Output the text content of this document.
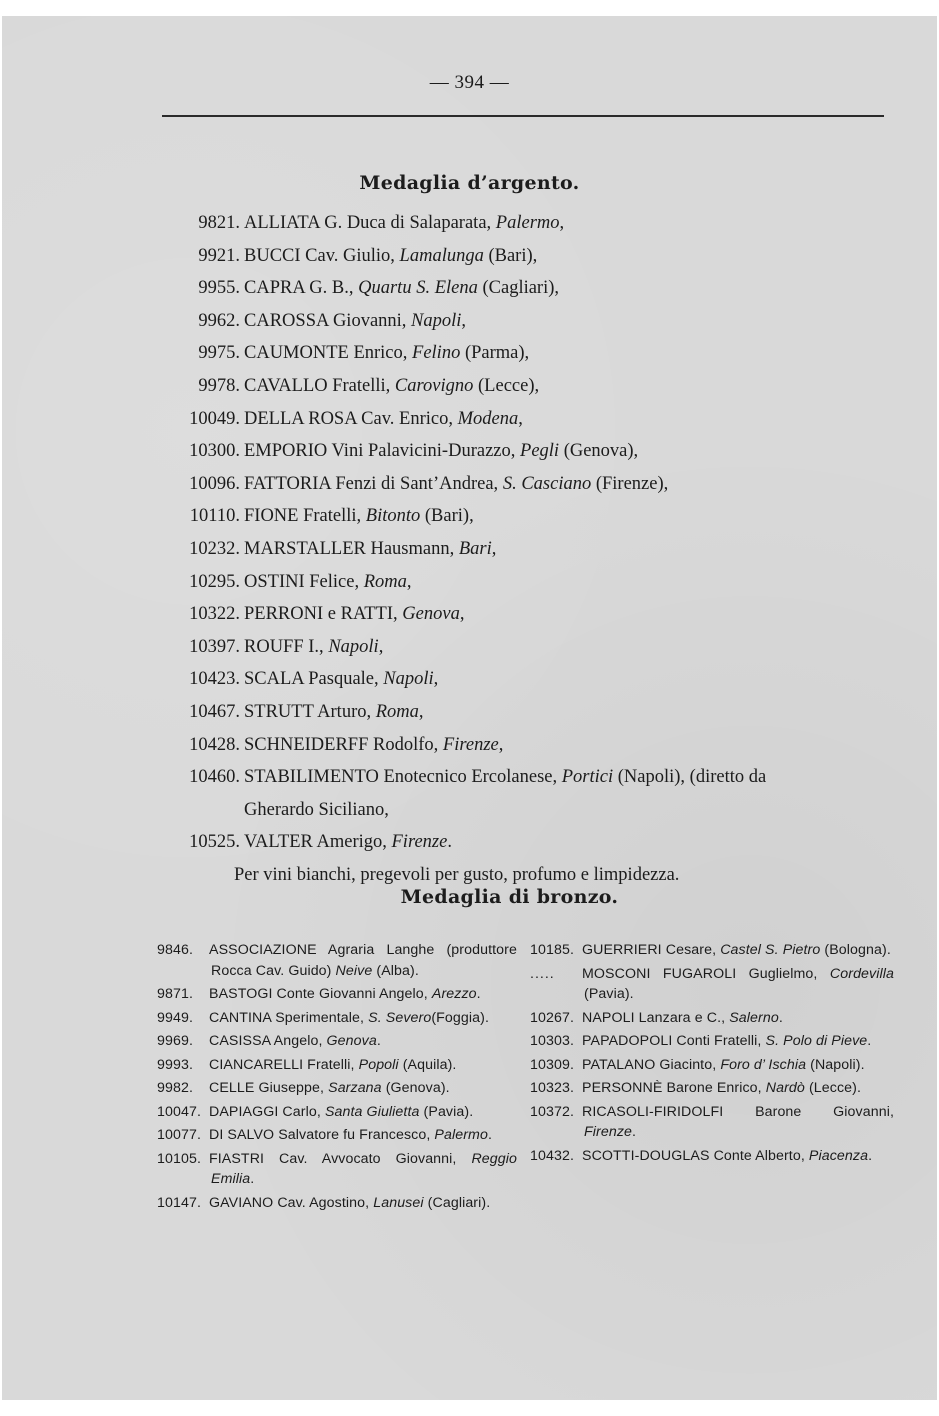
— 394 —
Medaglia d’argento.
9821. ALLIATA G. Duca di Salaparata, Palermo,
9921. BUCCI Cav. Giulio, Lamalunga (Bari),
9955. CAPRA G. B., Quartu S. Elena (Cagliari),
9962. CAROSSA Giovanni, Napoli,
9975. CAUMONTE Enrico, Felino (Parma),
9978. CAVALLO Fratelli, Carovigno (Lecce),
10049. DELLA ROSA Cav. Enrico, Modena,
10300. EMPORIO Vini Palavicini-Durazzo, Pegli (Genova),
10096. FATTORIA Fenzi di Sant’Andrea, S. Casciano (Firenze),
10110. FIONE Fratelli, Bitonto (Bari),
10232. MARSTALLER Hausmann, Bari,
10295. OSTINI Felice, Roma,
10322. PERRONI e RATTI, Genova,
10397. ROUFF I., Napoli,
10423. SCALA Pasquale, Napoli,
10467. STRUTT Arturo, Roma,
10428. SCHNEIDERFF Rodolfo, Firenze,
10460. STABILIMENTO Enotecnico Ercolanese, Portici (Napoli), (diretto da
Gherardo Siciliano,
10525. VALTER Amerigo, Firenze.
Per vini bianchi, pregevoli per gusto, profumo e limpidezza.
Medaglia di bronzo.
9846. ASSOCIAZIONE Agraria Langhe (produttore Rocca Cav. Guido) Neive (Alba).
9871. BASTOGI Conte Giovanni Angelo, Arezzo.
9949. CANTINA Sperimentale, S. Severo(Foggia).
9969. CASISSA Angelo, Genova.
9993. CIANCARELLI Fratelli, Popoli (Aquila).
9982. CELLE Giuseppe, Sarzana (Genova).
10047. DAPIAGGI Carlo, Santa Giulietta (Pavia).
10077. DI SALVO Salvatore fu Francesco, Palermo.
10105. FIASTRI Cav. Avvocato Giovanni, Reggio Emilia.
10147. GAVIANO Cav. Agostino, Lanusei (Cagliari).
10185. GUERRIERI Cesare, Castel S. Pietro (Bologna).
..... MOSCONI FUGAROLI Guglielmo, Cordevilla (Pavia).
10267. NAPOLI Lanzara e C., Salerno.
10303. PAPADOPOLI Conti Fratelli, S. Polo di Pieve.
10309. PATALANO Giacinto, Foro d’ Ischia (Napoli).
10323. PERSONNÈ Barone Enrico, Nardò (Lecce).
10372. RICASOLI-FIRIDOLFI Barone Giovanni, Firenze.
10432. SCOTTI-DOUGLAS Conte Alberto, Piacenza.
